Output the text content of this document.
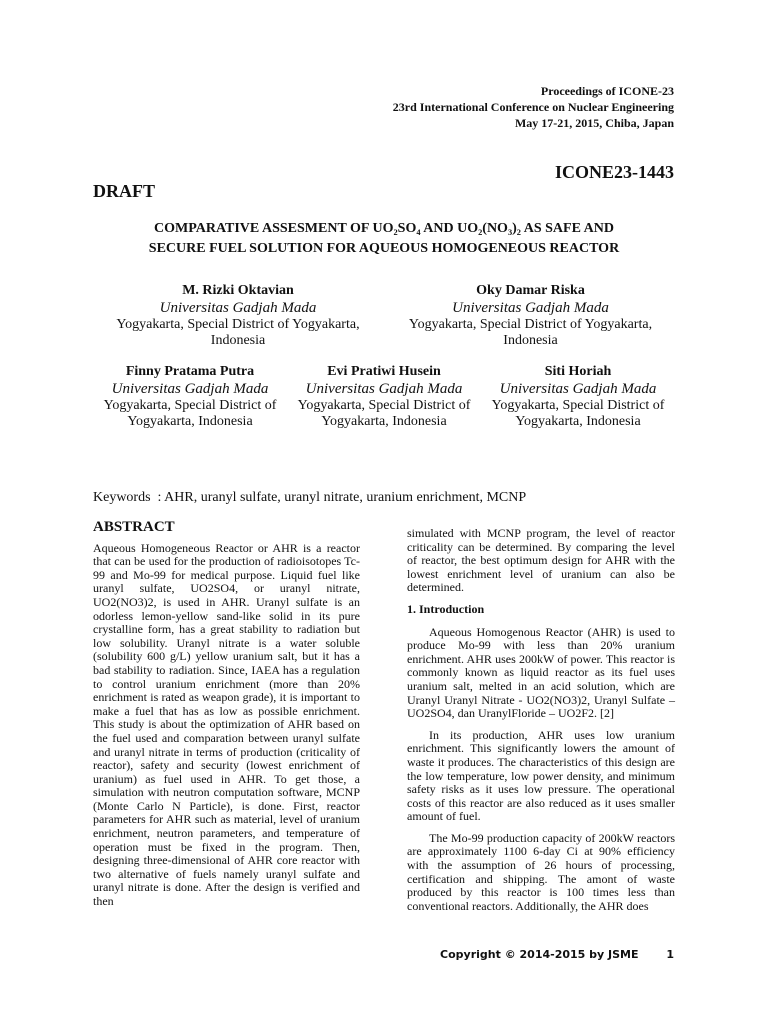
Proceedings of ICONE-23
23rd International Conference on Nuclear Engineering
May 17-21, 2015, Chiba, Japan
ICONE23-1443
DRAFT
COMPARATIVE ASSESMENT OF UO₂SO₄ AND UO₂(NO₃)₂ AS SAFE AND
SECURE FUEL SOLUTION FOR AQUEOUS HOMOGENEOUS REACTOR
M. Rizki Oktavian
Universitas Gadjah Mada
Yogyakarta, Special District of Yogyakarta,
Indonesia
Oky Damar Riska
Universitas Gadjah Mada
Yogyakarta, Special District of Yogyakarta,
Indonesia
Finny Pratama Putra
Universitas Gadjah Mada
Yogyakarta, Special District of
Yogyakarta, Indonesia
Evi Pratiwi Husein
Universitas Gadjah Mada
Yogyakarta, Special District of
Yogyakarta, Indonesia
Siti Horiah
Universitas Gadjah Mada
Yogyakarta, Special District of
Yogyakarta, Indonesia
Keywords  : AHR, uranyl sulfate, uranyl nitrate, uranium enrichment, MCNP

ABSTRACT

Aqueous Homogeneous Reactor or AHR is a reactor that can be used for the production of radioisotopes Tc-99 and Mo-99 for medical purpose. Liquid fuel like uranyl sulfate, UO2SO4, or uranyl nitrate, UO2(NO3)2, is used in AHR. Uranyl sulfate is an odorless lemon-yellow sand-like solid in its pure crystalline form, has a great stability to radiation but low solubility. Uranyl nitrate is a water soluble (solubility 600 g/L) yellow uranium salt, but it has a bad stability to radiation. Since, IAEA has a regulation to control uranium enrichment (more than 20% enrichment is rated as weapon grade), it is important to make a fuel that has as low as possible enrichment. This study is about the optimization of AHR based on the fuel used and comparation between uranyl sulfate and uranyl nitrate in terms of production (criticality of reactor), safety and security (lowest enrichment of uranium) as fuel used in AHR. To get those, a simulation with neutron computation software, MCNP (Monte Carlo N Particle), is done. First, reactor parameters for AHR such as material, level of uranium enrichment, neutron parameters, and temperature of operation must be fixed in the program. Then, designing three-dimensional of AHR core reactor with two alternative of fuels namely uranyl sulfate and uranyl nitrate is done. After the design is verified and then

simulated with MCNP program, the level of reactor criticality can be determined. By comparing the level of reactor, the best optimum design for AHR with the lowest enrichment level of uranium can also be determined.

1. Introduction

Aqueous Homogenous Reactor (AHR) is used to produce Mo-99 with less than 20% uranium enrichment. AHR uses 200kW of power. This reactor is commonly known as liquid reactor as its fuel uses uranium salt, melted in an acid solution, which are Uranyl Uranyl Nitrate - UO2(NO3)2, Uranyl Sulfate – UO2SO4, dan UranylFloride – UO2F2. [2]

In its production, AHR uses low uranium enrichment. This significantly lowers the amount of waste it produces. The characteristics of this design are the low temperature, low power density, and minimum safety risks as it uses low pressure. The operational costs of this reactor are also reduced as it uses smaller amount of fuel.

The Mo-99 production capacity of 200kW reactors are approximately 1100 6-day Ci at 90% efficiency with the assumption of 26 hours of processing, certification and shipping. The amont of waste produced by this reactor is 100 times less than conventional reactors. Additionally, the AHR does

Copyright © 2014-2015 by JSME	1
